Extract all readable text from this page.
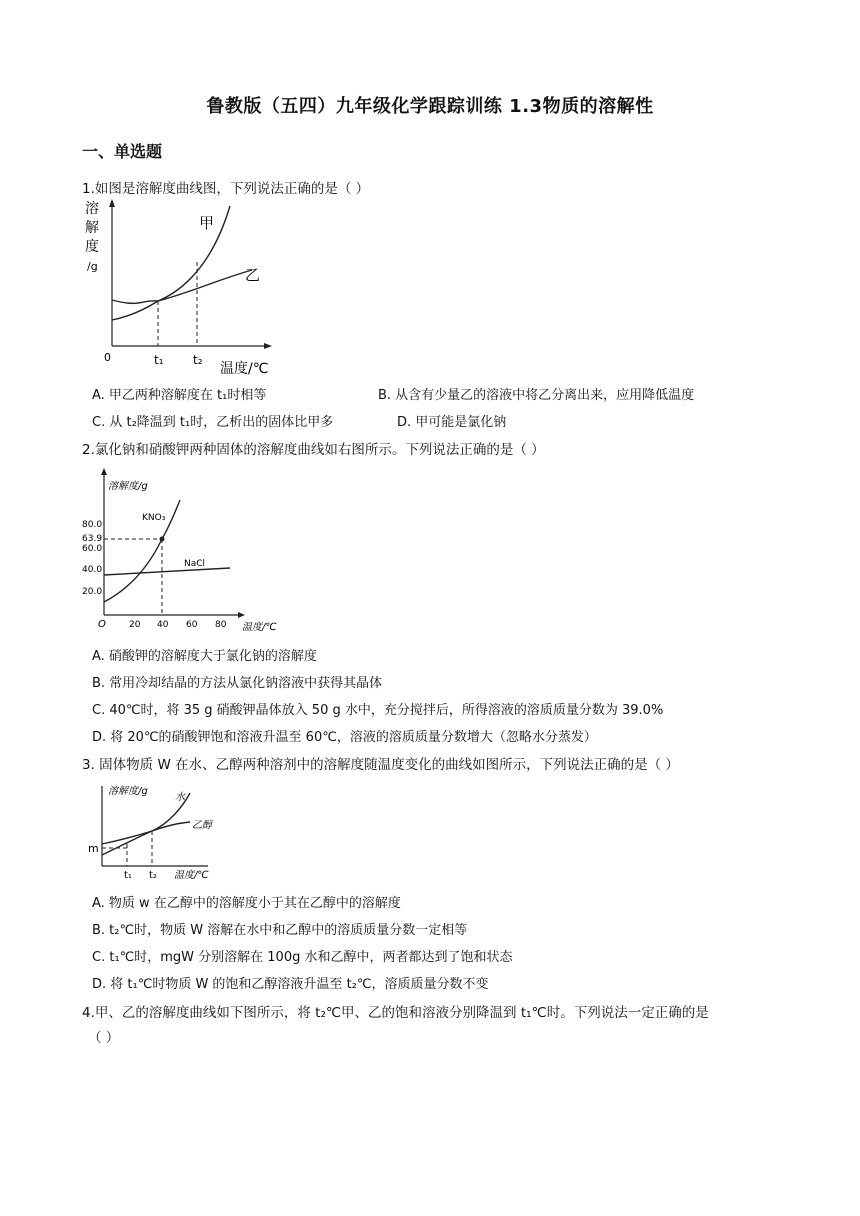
鲁教版（五四）九年级化学跟踪训练 1.3物质的溶解性
一、单选题
1.如图是溶解度曲线图，下列说法正确的是（ ）
溶
解
度
/g
0	t₁ t₂
甲
乙
温度/℃
A. 甲乙两种溶解度在 t₁时相等	B. 从含有少量乙的溶液中将乙分离出来，应用降低温度
C. 从 t₂降温到 t₁时，乙析出的固体比甲多	D. 甲可能是氯化钠
2.氯化钠和硝酸钾两种固体的溶解度曲线如右图所示。下列说法正确的是（ ）
溶解度/g
O
80.0
63.9
60.0
40.0
20.0
20 40 60 80
KNO₃
NaCl
温度/℃
A. 硝酸钾的溶解度大于氯化钠的溶解度
B. 常用冷却结晶的方法从氯化钠溶液中获得其晶体
C. 40℃时，将 35 g 硝酸钾晶体放入 50 g 水中，充分搅拌后，所得溶液的溶质质量分数为 39.0%
D. 将 20℃的硝酸钾饱和溶液升温至 60℃，溶液的溶质质量分数增大（忽略水分蒸发）
3. 固体物质 W 在水、乙醇两种溶剂中的溶解度随温度变化的曲线如图所示，下列说法正确的是（ ）
溶解度/g
m
t₁ t₂ 温度/℃
水
乙醇
A. 物质 w 在乙醇中的溶解度小于其在乙醇中的溶解度
B. t₂℃时，物质 W 溶解在水中和乙醇中的溶质质量分数一定相等
C. t₁℃时，mgW 分别溶解在 100g 水和乙醇中，两者都达到了饱和状态
D. 将 t₁℃时物质 W 的饱和乙醇溶液升温至 t₂℃，溶质质量分数不变
4.甲、乙的溶解度曲线如下图所示，将 t₂℃甲、乙的饱和溶液分别降温到 t₁℃时。下列说法一定正确的是
（ ）
